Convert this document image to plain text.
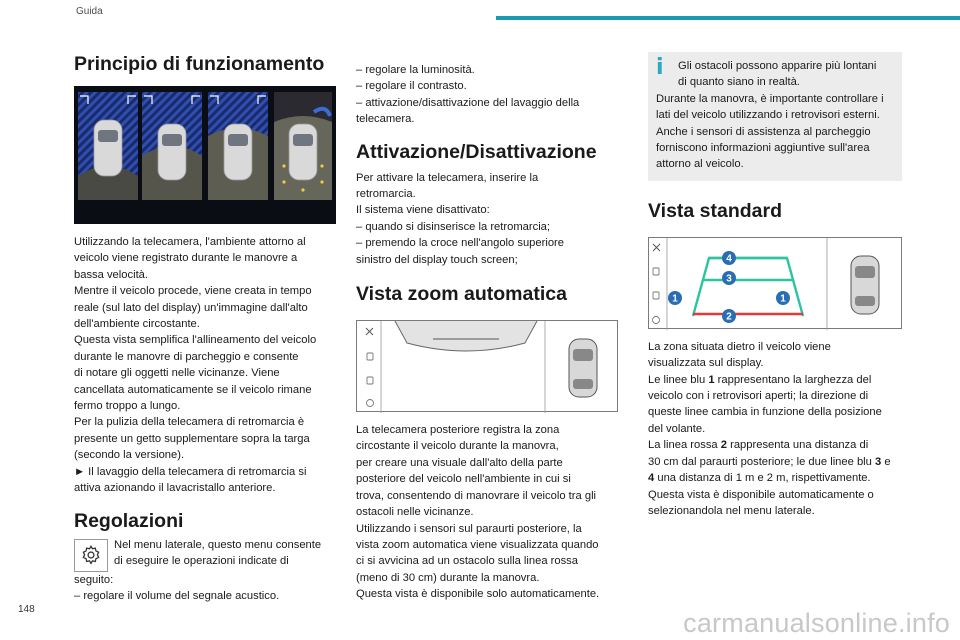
Guida
Principio di funzionamento

Utilizzando la telecamera, l'ambiente attorno al

veicolo viene registrato durante le manovre a

bassa velocità.

Mentre il veicolo procede, viene creata in tempo

reale (sul lato del display) un'immagine dall'alto

dell'ambiente circostante.

Questa vista semplifica l'allineamento del veicolo

durante le manovre di parcheggio e consente

di notare gli oggetti nelle vicinanze. Viene

cancellata automaticamente se il veicolo rimane

fermo troppo a lungo.

Per la pulizia della telecamera di retromarcia è

presente un getto supplementare sopra la targa

(secondo la versione).

► Il lavaggio della telecamera di retromarcia si

attiva azionando il lavacristallo anteriore.

Regolazioni

Nel menu laterale, questo menu consente

di eseguire le operazioni indicate di

seguito:

– regolare il volume del segnale acustico.

– regolare la luminosità.

– regolare il contrasto.

– attivazione/disattivazione del lavaggio della

telecamera.

Attivazione/Disattivazione

Per attivare la telecamera, inserire la

retromarcia.

Il sistema viene disattivato:

– quando si disinserisce la retromarcia;

– premendo la croce nell'angolo superiore

sinistro del display touch screen;

Vista zoom automatica

La telecamera posteriore registra la zona

circostante il veicolo durante la manovra,

per creare una visuale dall'alto della parte

posteriore del veicolo nell'ambiente in cui si

trova, consentendo di manovrare il veicolo tra gli

ostacoli nelle vicinanze.

Utilizzando i sensori sul paraurti posteriore, la

vista zoom automatica viene visualizzata quando

ci si avvicina ad un ostacolo sulla linea rossa

(meno di 30 cm) durante la manovra.

Questa vista è disponibile solo automaticamente.

i	Gli ostacoli possono apparire più lontani

di quanto siano in realtà.

Durante la manovra, è importante controllare i

lati del veicolo utilizzando i retrovisori esterni.

Anche i sensori di assistenza al parcheggio

forniscono informazioni aggiuntive sull'area

attorno al veicolo.

Vista standard
1	1
2
3
4

La zona situata dietro il veicolo viene

visualizzata sul display.

Le linee blu 1 rappresentano la larghezza del

veicolo con i retrovisori aperti; la direzione di

queste linee cambia in funzione della posizione

del volante.

La linea rossa 2 rappresenta una distanza di

30 cm dal paraurti posteriore; le due linee blu 3 e

4 una distanza di 1 m e 2 m, rispettivamente.

Questa vista è disponibile automaticamente o

selezionandola nel menu laterale.

148	carmanualsonline.info
